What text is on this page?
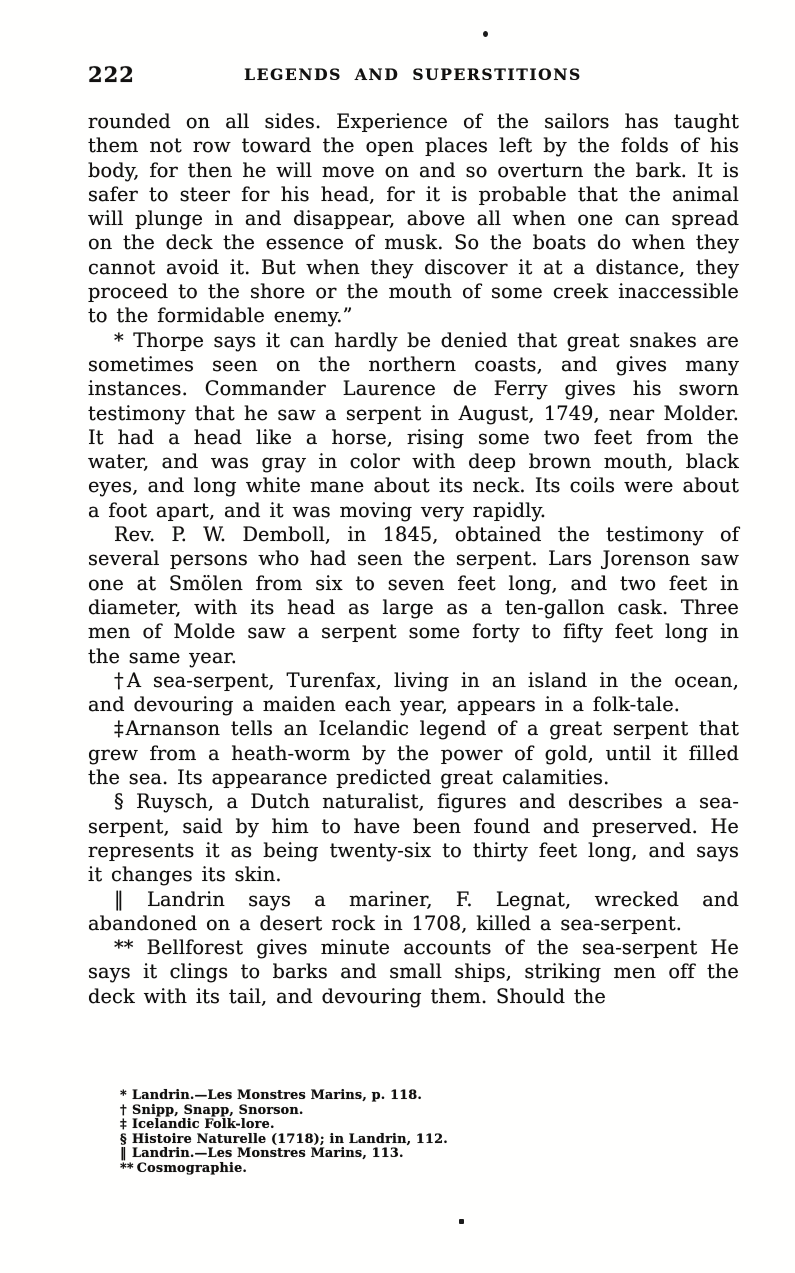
222	LEGENDS AND SUPERSTITIONS

rounded on all sides. Experience of the sailors has taught them not row toward the open places left by the folds of his body, for then he will move on and so overturn the bark. It is safer to steer for his head, for it is probable that the animal will plunge in and disappear, above all when one can spread on the deck the essence of musk. So the boats do when they cannot avoid it. But when they discover it at a distance, they proceed to the shore or the mouth of some creek inaccessible to the formidable enemy.”

* Thorpe says it can hardly be denied that great snakes are sometimes seen on the northern coasts, and gives many instances. Commander Laurence de Ferry gives his sworn testimony that he saw a serpent in August, 1749, near Molder. It had a head like a horse, rising some two feet from the water, and was gray in color with deep brown mouth, black eyes, and long white mane about its neck. Its coils were about a foot apart, and it was moving very rapidly.

Rev. P. W. Demboll, in 1845, obtained the testimony of several persons who had seen the serpent. Lars Jorenson saw one at Smölen from six to seven feet long, and two feet in diameter, with its head as large as a ten-gallon cask. Three men of Molde saw a serpent some forty to fifty feet long in the same year.

†A sea-serpent, Turenfax, living in an island in the ocean, and devouring a maiden each year, appears in a folk-tale.

‡Arnanson tells an Icelandic legend of a great serpent that grew from a heath-worm by the power of gold, until it filled the sea. Its appearance predicted great calamities.

§ Ruysch, a Dutch naturalist, figures and describes a sea-serpent, said by him to have been found and preserved. He represents it as being twenty-six to thirty feet long, and says it changes its skin.

‖ Landrin says a mariner, F. Legnat, wrecked and abandoned on a desert rock in 1708, killed a sea-serpent.

** Bellforest gives minute accounts of the sea-serpent He says it clings to barks and small ships, striking men off the deck with its tail, and devouring them. Should the

* Landrin.—Les Monstres Marins, p. 118.
† Snipp, Snapp, Snorson.
‡ Icelandic Folk-lore.
§ Histoire Naturelle (1718); in Landrin, 112.
‖ Landrin.—Les Monstres Marins, 113.
** Cosmographie.
